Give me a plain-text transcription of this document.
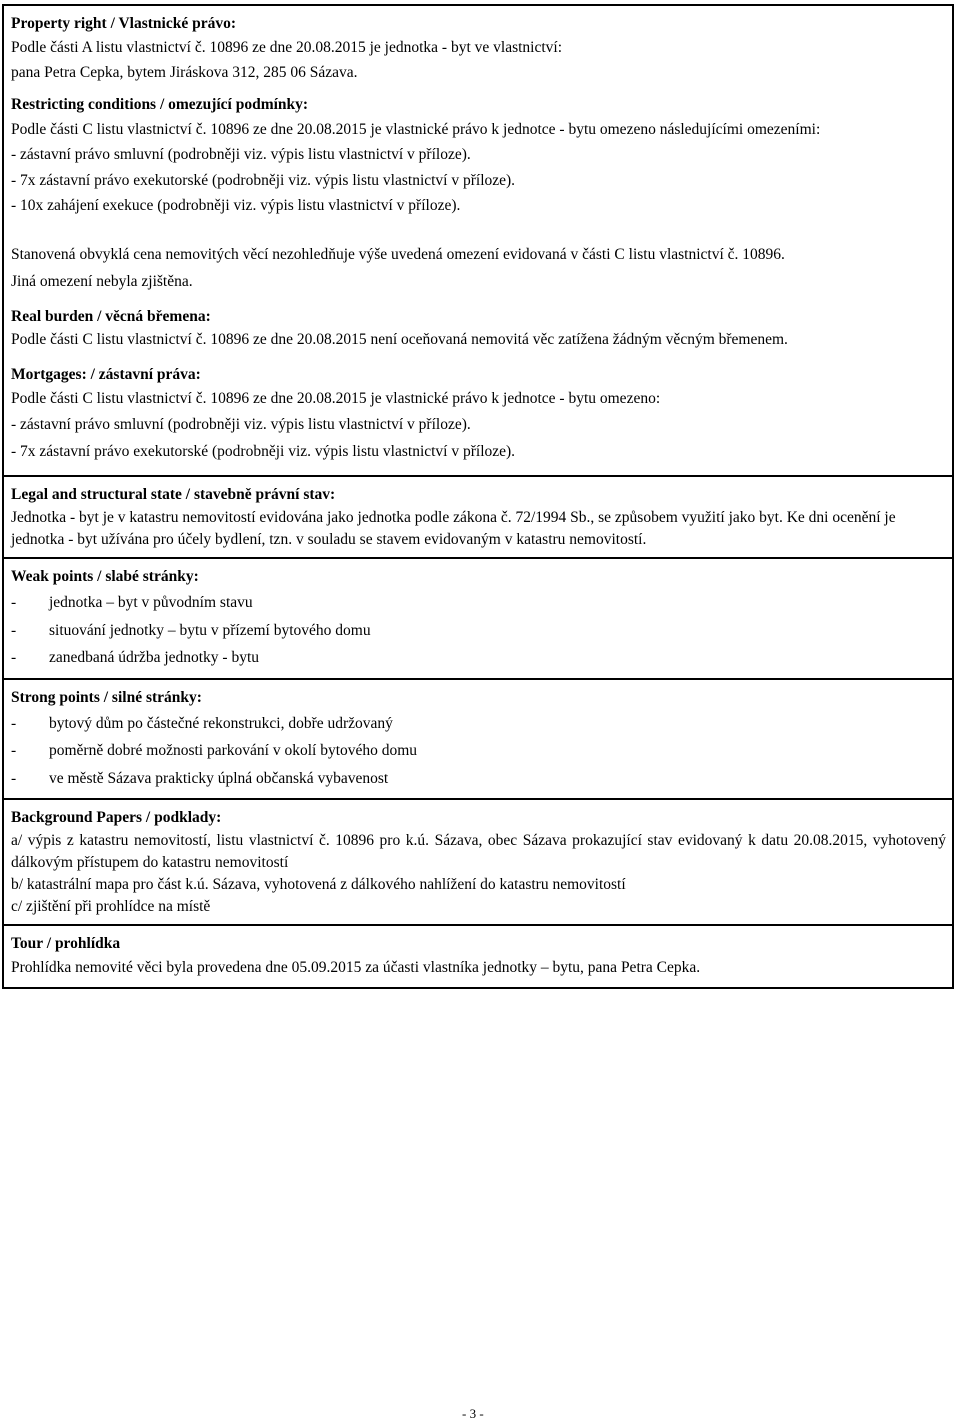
Property right / Vlastnické právo:
Podle části A listu vlastnictví č. 10896 ze dne 20.08.2015 je jednotka - byt ve vlastnictví:
pana Petra Cepka, bytem Jiráskova 312, 285 06 Sázava.
Restricting conditions / omezující podmínky:
Podle části C listu vlastnictví č. 10896 ze dne 20.08.2015 je vlastnické právo k jednotce - bytu omezeno následujícími omezeními:
- zástavní právo smluvní (podrobněji viz. výpis listu vlastnictví v příloze).
- 7x zástavní právo exekutorské (podrobněji viz. výpis listu vlastnictví v příloze).
- 10x zahájení exekuce (podrobněji viz. výpis listu vlastnictví v příloze).
Stanovená obvyklá cena nemovitých věcí nezohledňuje výše uvedená omezení evidovaná v části C listu vlastnictví č. 10896.
Jiná omezení nebyla zjištěna.
Real burden / věcná břemena:
Podle části C listu vlastnictví č. 10896 ze dne 20.08.2015 není oceňovaná nemovitá věc zatížena žádným věcným břemenem.
Mortgages: / zástavní práva:
Podle části C listu vlastnictví č. 10896 ze dne 20.08.2015 je vlastnické právo k jednotce - bytu omezeno:
- zástavní právo smluvní (podrobněji viz. výpis listu vlastnictví v příloze).
- 7x zástavní právo exekutorské (podrobněji viz. výpis listu vlastnictví v příloze).
Legal and structural state / stavebně právní stav:
Jednotka - byt je v katastru nemovitostí evidována jako jednotka podle zákona č. 72/1994 Sb., se způsobem využití jako byt. Ke dni ocenění je jednotka - byt užívána pro účely bydlení, tzn. v souladu se stavem evidovaným v katastru nemovitostí.
Weak points / slabé stránky:
-	jednotka – byt v původním stavu
-	situování jednotky – bytu v přízemí bytového domu
-	zanedbaná údržba jednotky - bytu
Strong points / silné stránky:
-	bytový dům po částečné rekonstrukci, dobře udržovaný
-	poměrně dobré možnosti parkování v okolí bytového domu
-	ve městě Sázava prakticky úplná občanská vybavenost
Background Papers / podklady:
a/ výpis z katastru nemovitostí, listu vlastnictví č. 10896 pro k.ú. Sázava, obec Sázava prokazující stav evidovaný k datu 20.08.2015, vyhotovený dálkovým přístupem do katastru nemovitostí
b/ katastrální mapa pro část k.ú. Sázava, vyhotovená z dálkového nahlížení do katastru nemovitostí
c/ zjištění při prohlídce na místě
Tour / prohlídka
Prohlídka nemovité věci byla provedena dne 05.09.2015 za účasti vlastníka jednotky – bytu, pana Petra Cepka.
- 3 -
